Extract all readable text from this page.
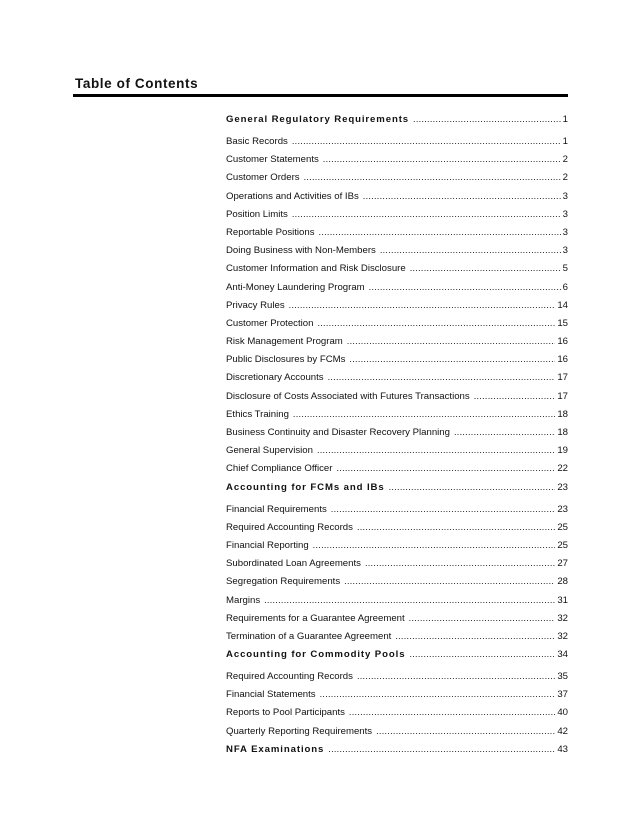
Table of Contents
General Regulatory Requirements . . .	1
Basic Records . . .	1
Customer Statements . . .	2
Customer Orders . . .	2
Operations and Activities of IBs . . .	3
Position Limits . . .	3
Reportable Positions . . .	3
Doing Business with Non-Members . . .	3
Customer Information and Risk Disclosure . . .	5
Anti-Money Laundering Program . . .	6
Privacy Rules . . .	14
Customer Protection . . .	15
Risk Management Program . . .	16
Public Disclosures by FCMs . . .	16
Discretionary Accounts . . .	17
Disclosure of Costs Associated with Futures Transactions . . .	17
Ethics Training . . .	18
Business Continuity and Disaster Recovery Planning . . .	18
General Supervision . . .	19
Chief Compliance Officer . . .	22
Accounting for FCMs and IBs . . .	23
Financial Requirements . . .	23
Required Accounting Records . . .	25
Financial Reporting . . .	25
Subordinated Loan Agreements . . .	27
Segregation Requirements . . .	28
Margins . . .	31
Requirements for a Guarantee Agreement . . .	32
Termination of a Guarantee Agreement . . .	32
Accounting for Commodity Pools . . .	34
Required Accounting Records . . .	35
Financial Statements . . .	37
Reports to Pool Participants . . .	40
Quarterly Reporting Requirements . . .	42
NFA Examinations . . .	43
